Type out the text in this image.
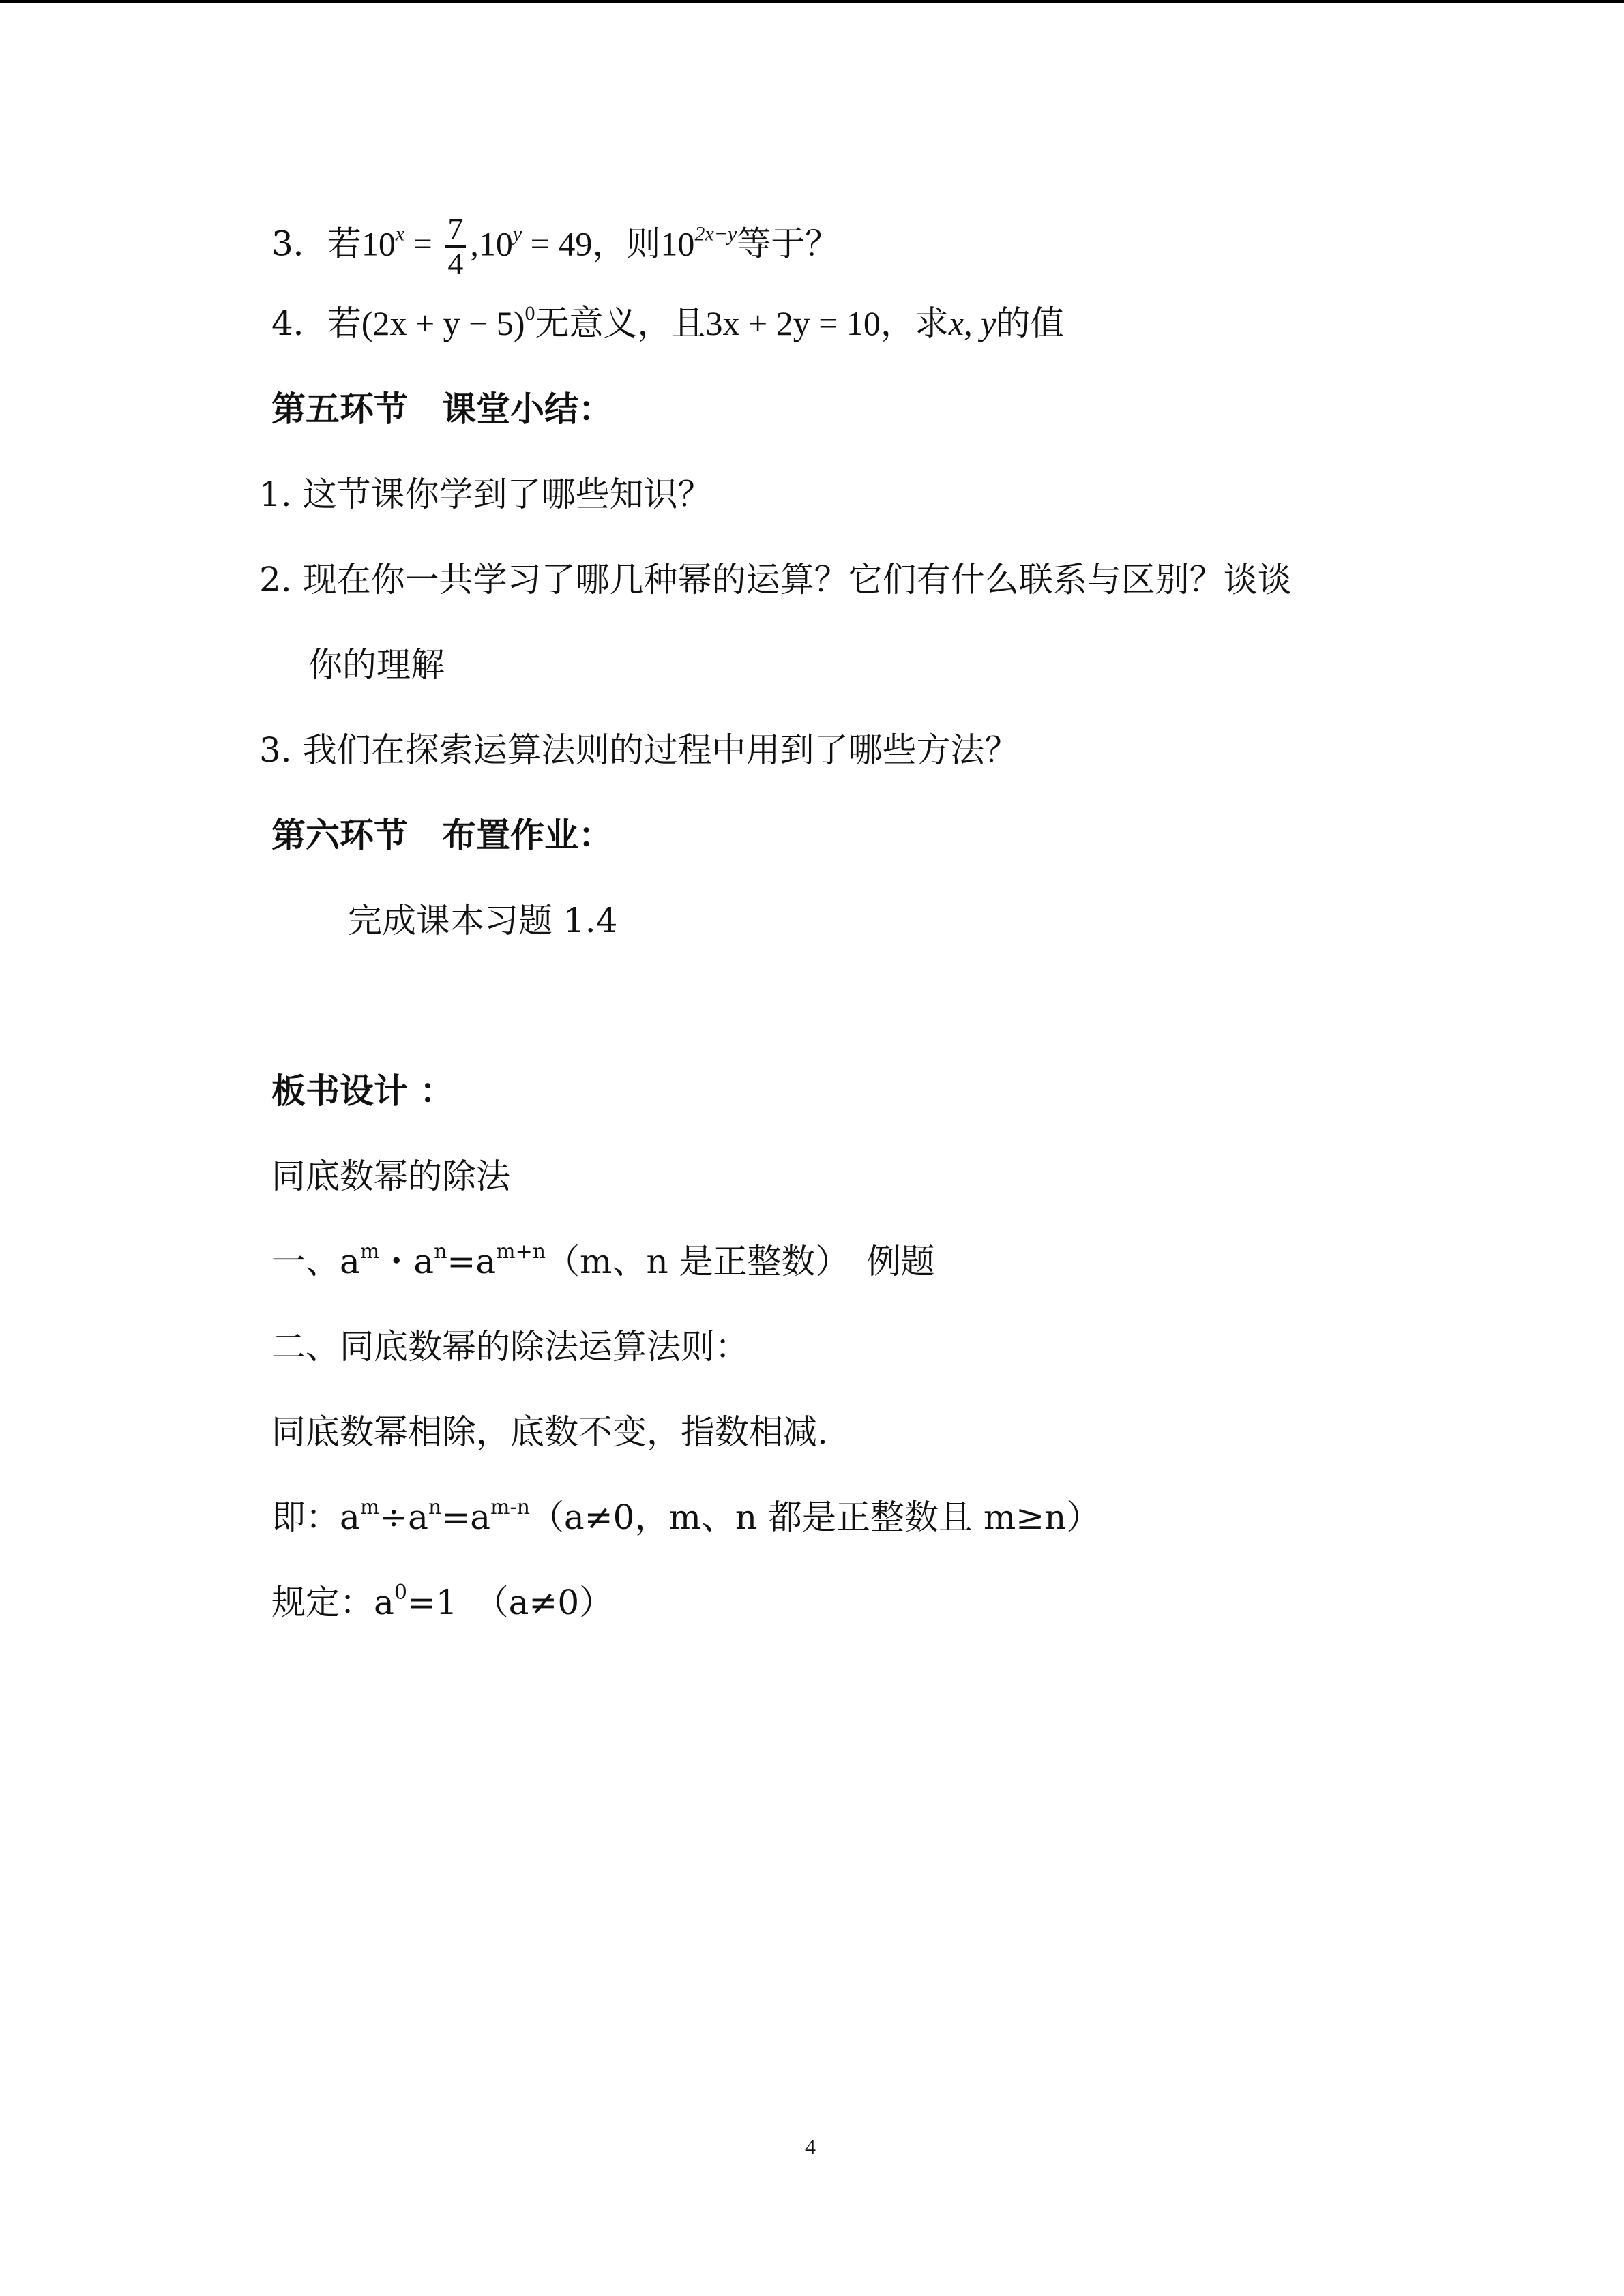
3．若$10^x = \frac{7}{4} ,10^y = 49$，则$10^{2x-y}$等于？
4．若$(2x + y - 5)^0$无意义，且3x + 2y = 10，求x, y的值
第五环节　课堂小结：
1. 这节课你学到了哪些知识？
2. 现在你一共学习了哪几种幂的运算？它们有什么联系与区别？谈谈
你的理解
3. 我们在探索运算法则的过程中用到了哪些方法？
第六环节　布置作业：
完成课本习题 1.4
板书设计 ：
同底数幂的除法
一、$a^m$・$a^n=a^{m+n}(m$、n 是正整数）　例题
二、同底数幂的除法运算法则：
同底数幂相除，底数不变，指数相减.
即：$a^m\div a^n=a^{m-n}(a\ne 0$，m、n 都是正整数且 m≥n）
规定：$a^0=1$　（a≠0）
4
